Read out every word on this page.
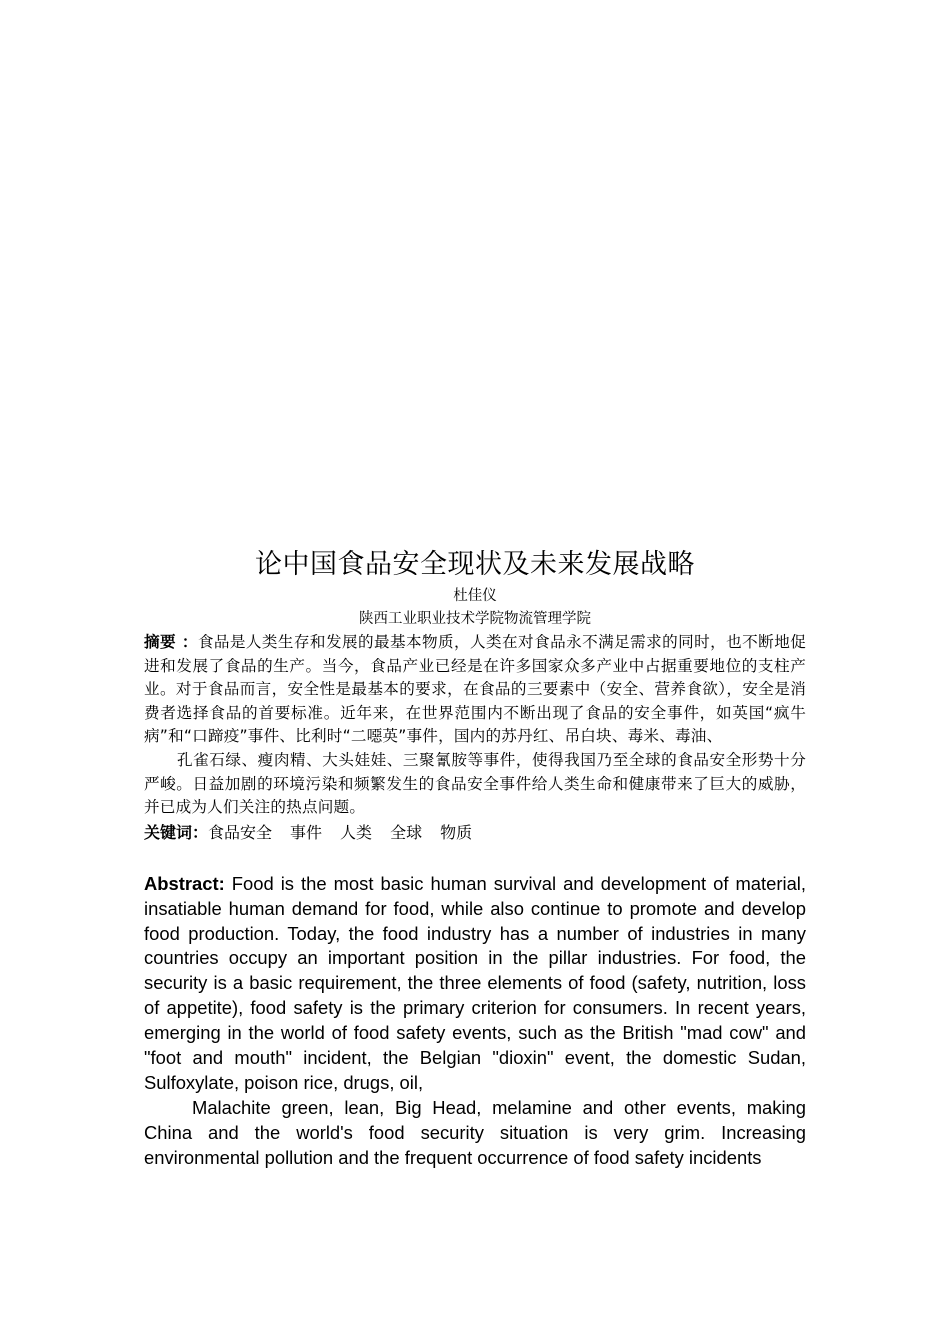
论中国食品安全现状及未来发展战略

杜佳仪

陕西工业职业技术学院物流管理学院

摘要 ：食品是人类生存和发展的最基本物质，人类在对食品永不满足需求的同时，也不断地促进和发展了食品的生产。当今，食品产业已经是在许多国家众多产业中占据重要地位的支柱产业。对于食品而言，安全性是最基本的要求，在食品的三要素中（安全、营养食欲），安全是消费者选择食品的首要标准。近年来，在世界范围内不断出现了食品的安全事件，如英国“疯牛病”和“口蹄疫”事件、比利时“二噁英”事件，国内的苏丹红、吊白块、毒米、毒油、

孔雀石绿、瘦肉精、大头娃娃、三聚氰胺等事件，使得我国乃至全球的食品安全形势十分严峻。日益加剧的环境污染和频繁发生的食品安全事件给人类生命和健康带来了巨大的威胁，并已成为人们关注的热点问题。

关键词：食品安全 事件 人类 全球 物质

Abstract: Food is the most basic human survival and development of material, insatiable human demand for food, while also continue to promote and develop food production. Today, the food industry has a number of industries in many countries occupy an important position in the pillar industries. For food, the security is a basic requirement, the three elements of food (safety, nutrition, loss of appetite), food safety is the primary criterion for consumers. In recent years, emerging in the world of food safety events, such as the British "mad cow" and "foot and mouth" incident, the Belgian "dioxin" event, the domestic Sudan, Sulfoxylate, poison rice, drugs, oil,

Malachite green, lean, Big Head, melamine and other events, making China and the world's food security situation is very grim. Increasing environmental pollution and the frequent occurrence of food safety incidents
